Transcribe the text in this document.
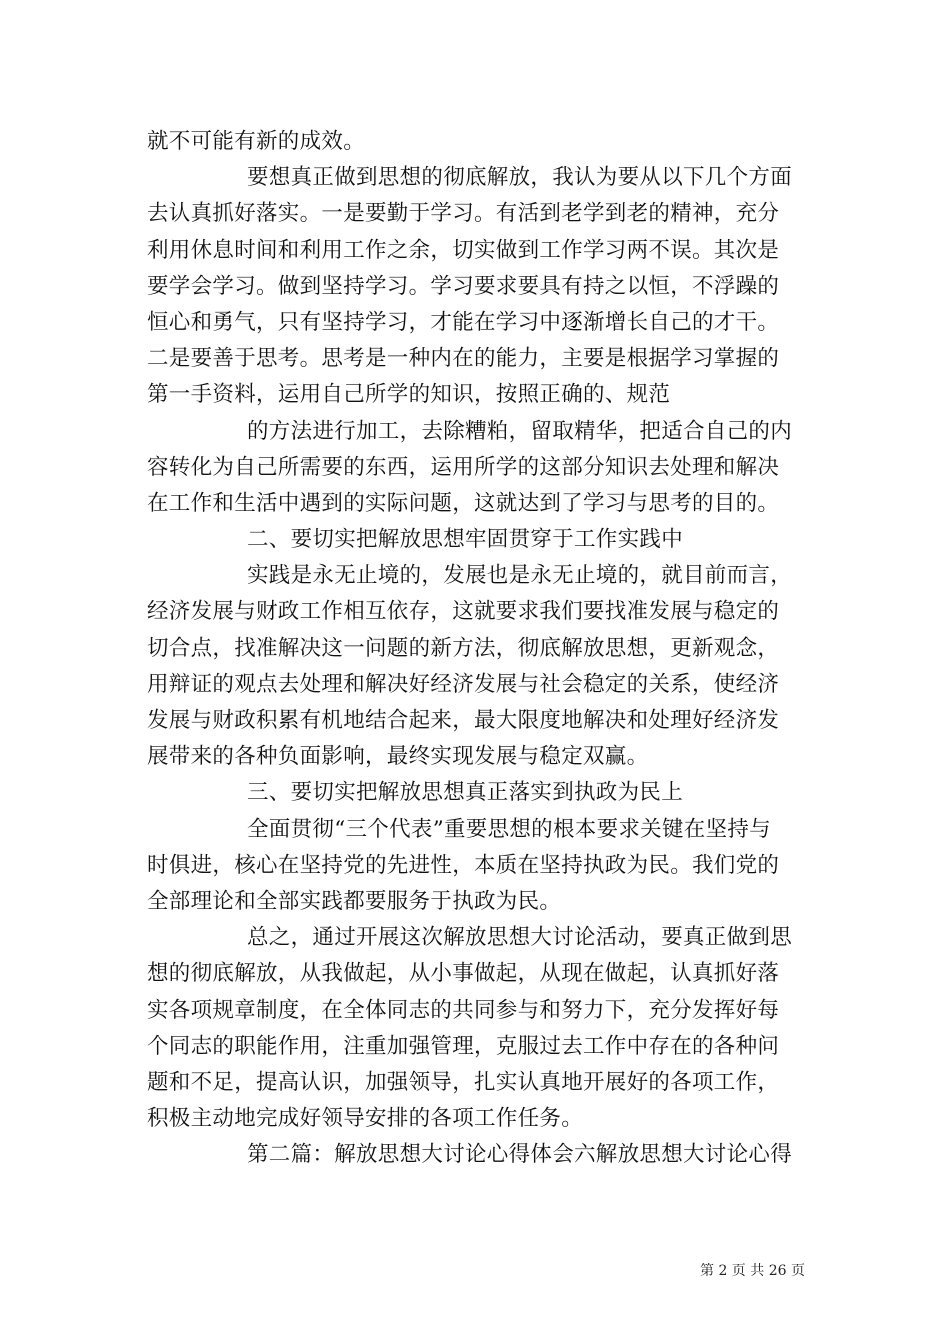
就不可能有新的成效。
要想真正做到思想的彻底解放，我认为要从以下几个方面
去认真抓好落实。一是要勤于学习。有活到老学到老的精神，充分
利用休息时间和利用工作之余，切实做到工作学习两不误。其次是
要学会学习。做到坚持学习。学习要求要具有持之以恒，不浮躁的
恒心和勇气，只有坚持学习，才能在学习中逐渐增长自己的才干。
二是要善于思考。思考是一种内在的能力，主要是根据学习掌握的
第一手资料，运用自己所学的知识，按照正确的、规范
的方法进行加工，去除糟粕，留取精华，把适合自己的内
容转化为自己所需要的东西，运用所学的这部分知识去处理和解决
在工作和生活中遇到的实际问题，这就达到了学习与思考的目的。
二、要切实把解放思想牢固贯穿于工作实践中
实践是永无止境的，发展也是永无止境的，就目前而言，
经济发展与财政工作相互依存，这就要求我们要找准发展与稳定的
切合点，找准解决这一问题的新方法，彻底解放思想，更新观念，
用辩证的观点去处理和解决好经济发展与社会稳定的关系，使经济
发展与财政积累有机地结合起来，最大限度地解决和处理好经济发
展带来的各种负面影响，最终实现发展与稳定双赢。
三、要切实把解放思想真正落实到执政为民上
全面贯彻“三个代表”重要思想的根本要求关键在坚持与
时俱进，核心在坚持党的先进性，本质在坚持执政为民。我们党的
全部理论和全部实践都要服务于执政为民。
总之，通过开展这次解放思想大讨论活动，要真正做到思
想的彻底解放，从我做起，从小事做起，从现在做起，认真抓好落
实各项规章制度，在全体同志的共同参与和努力下，充分发挥好每
个同志的职能作用，注重加强管理，克服过去工作中存在的各种问
题和不足，提高认识，加强领导，扎实认真地开展好的各项工作，
积极主动地完成好领导安排的各项工作任务。
第二篇：解放思想大讨论心得体会六解放思想大讨论心得
第 2 页 共 26 页
